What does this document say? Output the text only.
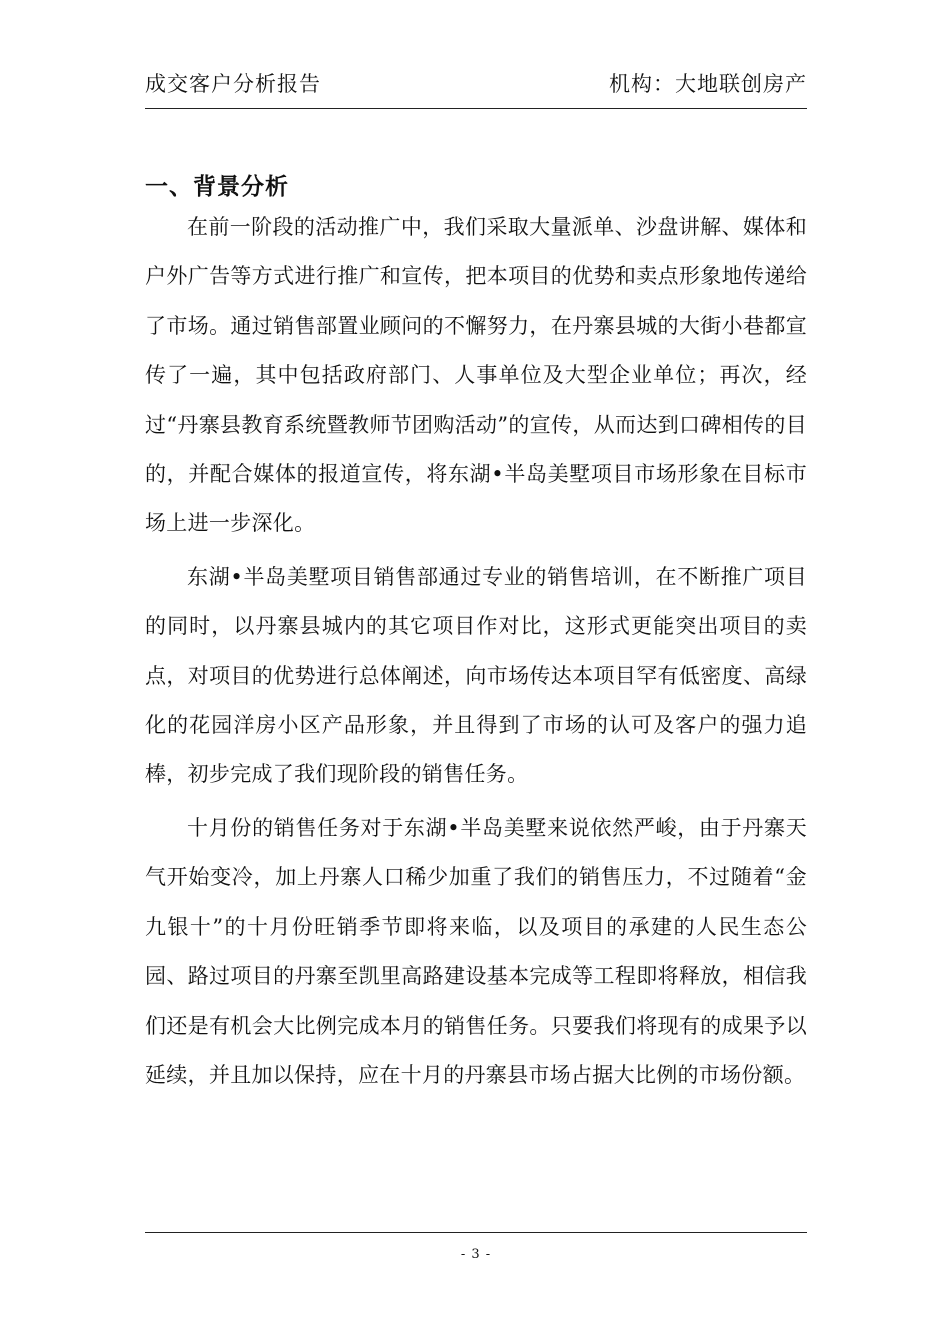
成交客户分析报告	机构：大地联创房产
一、背景分析

在前一阶段的活动推广中，我们采取大量派单、沙盘讲解、媒体和户外广告等方式进行推广和宣传，把本项目的优势和卖点形象地传递给了市场。通过销售部置业顾问的不懈努力，在丹寨县城的大街小巷都宣传了一遍，其中包括政府部门、人事单位及大型企业单位；再次，经过“丹寨县教育系统暨教师节团购活动”的宣传，从而达到口碑相传的目的，并配合媒体的报道宣传，将东湖•半岛美墅项目市场形象在目标市场上进一步深化。

东湖•半岛美墅项目销售部通过专业的销售培训，在不断推广项目的同时，以丹寨县城内的其它项目作对比，这形式更能突出项目的卖点，对项目的优势进行总体阐述，向市场传达本项目罕有低密度、高绿化的花园洋房小区产品形象，并且得到了市场的认可及客户的强力追棒，初步完成了我们现阶段的销售任务。

十月份的销售任务对于东湖•半岛美墅来说依然严峻，由于丹寨天气开始变冷，加上丹寨人口稀少加重了我们的销售压力，不过随着“金九银十”的十月份旺销季节即将来临，以及项目的承建的人民生态公园、路过项目的丹寨至凯里高路建设基本完成等工程即将释放，相信我们还是有机会大比例完成本月的销售任务。只要我们将现有的成果予以延续，并且加以保持，应在十月的丹寨县市场占据大比例的市场份额。

- 3 -
